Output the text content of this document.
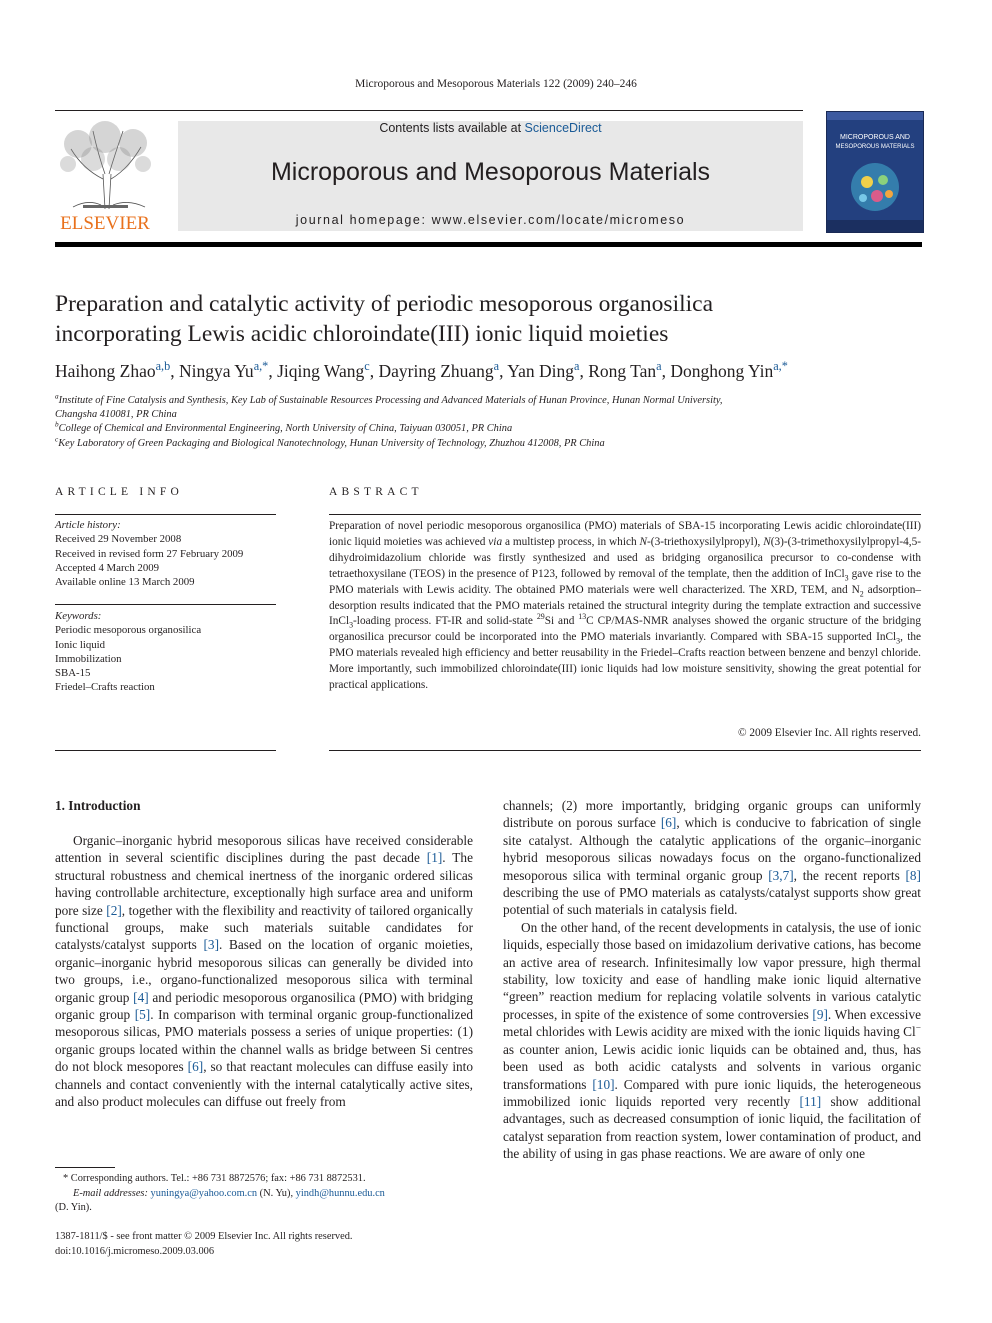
Microporous and Mesoporous Materials 122 (2009) 240–246
ELSEVIER
Contents lists available at ScienceDirect
Microporous and Mesoporous Materials
journal homepage: www.elsevier.com/locate/micromeso
MICROPOROUS AND
MESOPOROUS MATERIALS
Preparation and catalytic activity of periodic mesoporous organosilica
incorporating Lewis acidic chloroindate(III) ionic liquid moieties
Haihong Zhao$^{a,b}$, Ningya $Yu^{a,*}$, Jiqing Wang$^c$, Dayring Zhuang$^a$, Yan Ding$^a$, Rong Tan$^a$, Donghong Yin$^{a,*}$
$^a$Institute of Fine Catalysis and Synthesis, Key Lab of Sustainable Resources Processing and Advanced Materials of Hunan Province, Hunan Normal University,
Changsha 410081, PR China
$^b$College of Chemical and Environmental Engineering, North University of China, Taiyuan 030051, PR China
$^c$Key Laboratory of Green Packaging and Biological Nanotechnology, Hunan University of Technology, Zhuzhou 412008, PR China
ARTICLE INFO
Article history:
Received 29 November 2008
Received in revised form 27 February 2009
Accepted 4 March 2009
Available online 13 March 2009
Keywords:
Periodic mesoporous organosilica
Ionic liquid
Immobilization
SBA-15
Friedel–Crafts reaction
ABSTRACT
Preparation of novel periodic mesoporous organosilica (PMO) materials of SBA-15 incorporating Lewis acidic chloroindate(III) ionic liquid moieties was achieved via a multistep process, in which N-(3-triethoxysilylpropyl), N(3)-(3-trimethoxysilylpropyl-4,5-dihydroimidazolium chloride was firstly synthesized and used as bridging organosilica precursor to co-condense with tetraethoxysilane (TEOS) in the presence of P123, followed by removal of the template, then the addition of InCl$_3$ gave rise to the PMO materials with Lewis acidity. The obtained PMO materials were well characterized. The XRD, TEM, and $N_2$ adsorption–desorption results indicated that the PMO materials retained the structural integrity during the template extraction and successive InCl$_3$-loading process. FT-IR and solid-state $^{29}$Si and $^{13}$C CP/MAS-NMR analyses showed the organic structure of the bridging organosilica precursor could be incorporated into the PMO materials invariantly. Compared with SBA-15 supported InCl$_3$, the PMO materials revealed high efficiency and better reusability in the Friedel–Crafts reaction between benzene and benzyl chloride. More importantly, such immobilized chloroindate(III) ionic liquids had low moisture sensitivity, showing the great potential for practical applications.
© 2009 Elsevier Inc. All rights reserved.
1. Introduction

Organic–inorganic hybrid mesoporous silicas have received considerable attention in several scientific disciplines during the past decade [1]. The structural robustness and chemical inertness of the inorganic ordered silicas having controllable architecture, exceptionally high surface area and uniform pore size [2], together with the flexibility and reactivity of tailored organically functional groups, make such materials suitable candidates for catalysts/catalyst supports [3]. Based on the location of organic moieties, organic–inorganic hybrid mesoporous silicas can generally be divided into two groups, i.e., organo-functionalized mesoporous silica with terminal organic group [4] and periodic mesoporous organosilica (PMO) with bridging organic group [5]. In comparison with terminal organic group-functionalized mesoporous silicas, PMO materials possess a series of unique properties: (1) organic groups located within the channel walls as bridge between Si centres do not block mesopores [6], so that reactant molecules can diffuse easily into channels and contact conveniently with the internal catalytically active sites, and also product molecules can diffuse out freely from

channels; (2) more importantly, bridging organic groups can uniformly distribute on porous surface [6], which is conducive to fabrication of single site catalyst. Although the catalytic applications of the organic–inorganic hybrid mesoporous silicas nowadays focus on the organo-functionalized mesoporous silica with terminal organic group [3,7], the recent reports [8] describing the use of PMO materials as catalysts/catalyst supports show great potential of such materials in catalysis field.

On the other hand, of the recent developments in catalysis, the use of ionic liquids, especially those based on imidazolium derivative cations, has become an active area of research. Infinitesimally low vapor pressure, high thermal stability, low toxicity and ease of handling make ionic liquid alternative “green” reaction medium for replacing volatile solvents in various catalytic processes, in spite of the existence of some controversies [9]. When excessive metal chlorides with Lewis acidity are mixed with the ionic liquids having Cl− as counter anion, Lewis acidic ionic liquids can be obtained and, thus, has been used as both acidic catalysts and solvents in various organic transformations [10]. Compared with pure ionic liquids, the heterogeneous immobilized ionic liquids reported very recently [11] show additional advantages, such as decreased consumption of ionic liquid, the facilitation of catalyst separation from reaction system, lower contamination of product, and the ability of using in gas phase reactions. We are aware of only one

* Corresponding authors. Tel.: +86 731 8872576; fax: +86 731 8872531.
E-mail addresses: yuningya@yahoo.com.cn (N. Yu), yindh@hunnu.edu.cn
(D. Yin).
1387-1811/$ - see front matter © 2009 Elsevier Inc. All rights reserved.
doi:10.1016/j.micromeso.2009.03.006
